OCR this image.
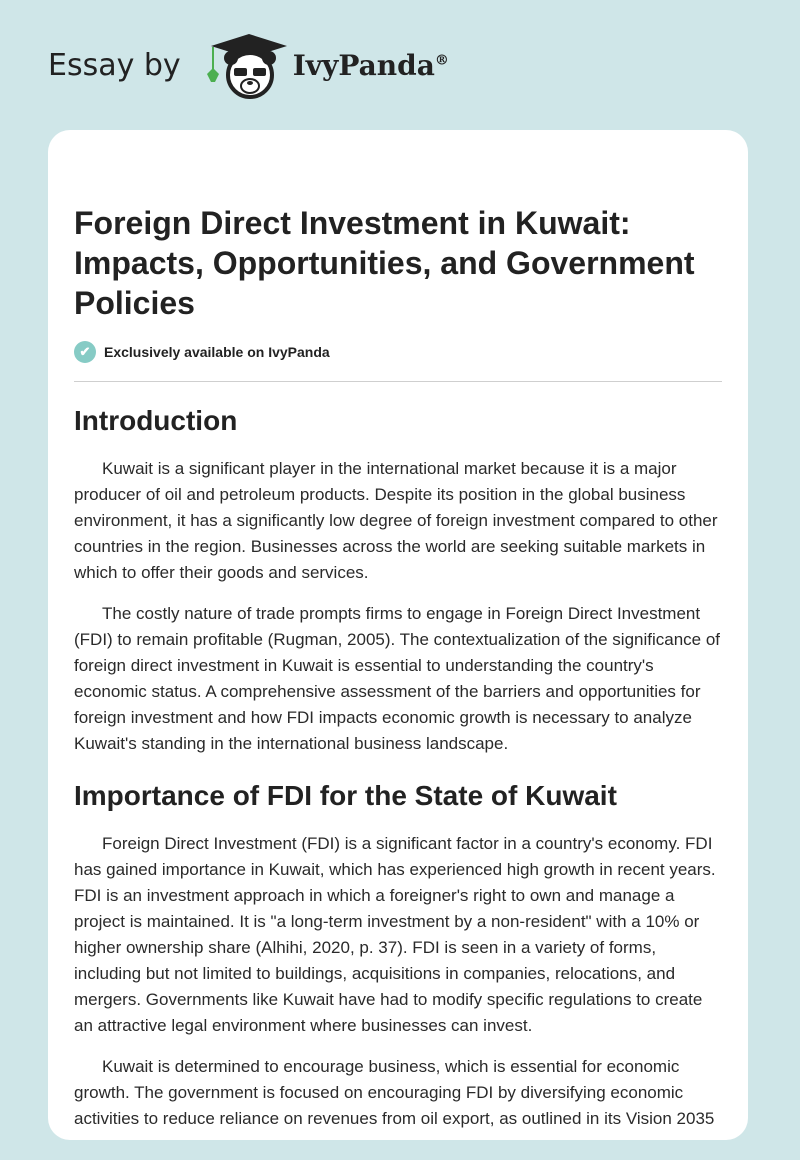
Essay by	IvyPanda®
Foreign Direct Investment in Kuwait: Impacts, Opportunities, and Government Policies
✔ Exclusively available on IvyPanda
Introduction

Kuwait is a significant player in the international market because it is a major producer of oil and petroleum products. Despite its position in the global business environment, it has a significantly low degree of foreign investment compared to other countries in the region. Businesses across the world are seeking suitable markets in which to offer their goods and services.

The costly nature of trade prompts firms to engage in Foreign Direct Investment (FDI) to remain profitable (Rugman, 2005). The contextualization of the significance of foreign direct investment in Kuwait is essential to understanding the country's economic status. A comprehensive assessment of the barriers and opportunities for foreign investment and how FDI impacts economic growth is necessary to analyze Kuwait's standing in the international business landscape.

Importance of FDI for the State of Kuwait

Foreign Direct Investment (FDI) is a significant factor in a country's economy. FDI has gained importance in Kuwait, which has experienced high growth in recent years. FDI is an investment approach in which a foreigner's right to own and manage a project is maintained. It is "a long-term investment by a non-resident" with a 10% or higher ownership share (Alhihi, 2020, p. 37). FDI is seen in a variety of forms, including but not limited to buildings, acquisitions in companies, relocations, and mergers. Governments like Kuwait have had to modify specific regulations to create an attractive legal environment where businesses can invest.

Kuwait is determined to encourage business, which is essential for economic growth. The government is focused on encouraging FDI by diversifying economic activities to reduce reliance on revenues from oil export, as outlined in its Vision 2035
